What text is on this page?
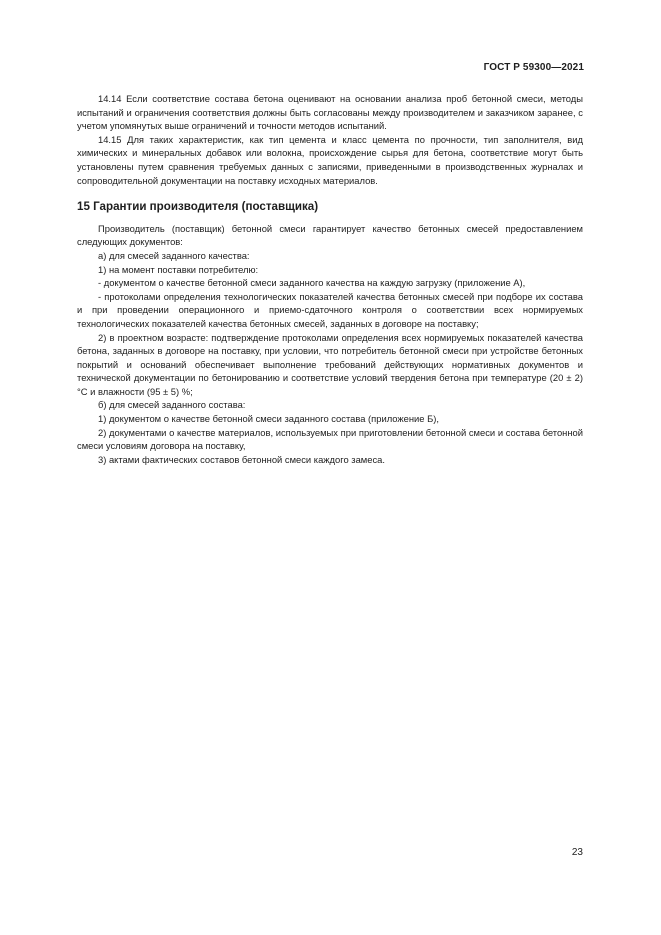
ГОСТ Р 59300—2021

14.14 Если соответствие состава бетона оценивают на основании анализа проб бетонной смеси, методы испытаний и ограничения соответствия должны быть согласованы между производителем и заказчиком заранее, с учетом упомянутых выше ограничений и точности методов испытаний.

14.15 Для таких характеристик, как тип цемента и класс цемента по прочности, тип заполнителя, вид химических и минеральных добавок или волокна, происхождение сырья для бетона, соответствие могут быть установлены путем сравнения требуемых данных с записями, приведенными в производственных журналах и сопроводительной документации на поставку исходных материалов.

15 Гарантии производителя (поставщика)

Производитель (поставщик) бетонной смеси гарантирует качество бетонных смесей предоставлением следующих документов:

а) для смесей заданного качества:

1) на момент поставки потребителю:

- документом о качестве бетонной смеси заданного качества на каждую загрузку (приложение А),

- протоколами определения технологических показателей качества бетонных смесей при подборе их состава и при проведении операционного и приемо-сдаточного контроля о соответствии всех нормируемых технологических показателей качества бетонных смесей, заданных в договоре на поставку;

2) в проектном возрасте: подтверждение протоколами определения всех нормируемых показателей качества бетона, заданных в договоре на поставку, при условии, что потребитель бетонной смеси при устройстве бетонных покрытий и оснований обеспечивает выполнение требований действующих нормативных документов и технической документации по бетонированию и соответствие условий твердения бетона при температуре (20 ± 2) °С и влажности (95 ± 5) %;

б) для смесей заданного состава:

1) документом о качестве бетонной смеси заданного состава (приложение Б),

2) документами о качестве материалов, используемых при приготовлении бетонной смеси и состава бетонной смеси условиям договора на поставку,

3) актами фактических составов бетонной смеси каждого замеса.

23
